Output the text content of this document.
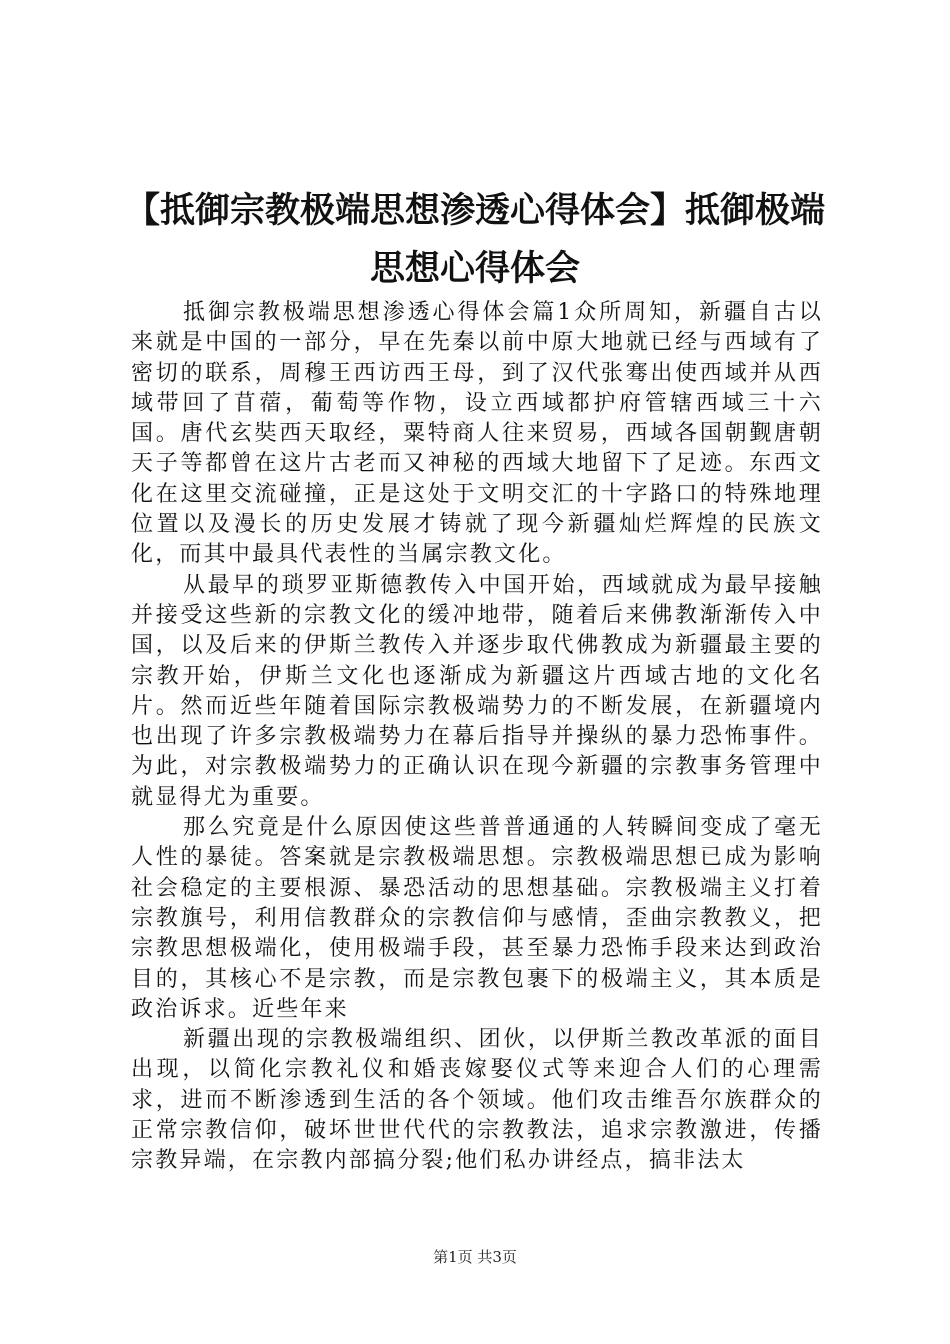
【抵御宗教极端思想渗透心得体会】抵御极端
思想心得体会

抵御宗教极端思想渗透心得体会篇1众所周知，新疆自古以来就是中国的一部分，早在先秦以前中原大地就已经与西域有了密切的联系，周穆王西访西王母，到了汉代张骞出使西域并从西域带回了苜蓿，葡萄等作物，设立西域都护府管辖西域三十六国。唐代玄奘西天取经，粟特商人往来贸易，西域各国朝觐唐朝天子等都曾在这片古老而又神秘的西域大地留下了足迹。东西文化在这里交流碰撞，正是这处于文明交汇的十字路口的特殊地理位置以及漫长的历史发展才铸就了现今新疆灿烂辉煌的民族文化，而其中最具代表性的当属宗教文化。

从最早的琐罗亚斯德教传入中国开始，西域就成为最早接触并接受这些新的宗教文化的缓冲地带，随着后来佛教渐渐传入中国，以及后来的伊斯兰教传入并逐步取代佛教成为新疆最主要的宗教开始，伊斯兰文化也逐渐成为新疆这片西域古地的文化名片。然而近些年随着国际宗教极端势力的不断发展，在新疆境内也出现了许多宗教极端势力在幕后指导并操纵的暴力恐怖事件。为此，对宗教极端势力的正确认识在现今新疆的宗教事务管理中就显得尤为重要。

那么究竟是什么原因使这些普普通通的人转瞬间变成了毫无人性的暴徒。答案就是宗教极端思想。宗教极端思想已成为影响社会稳定的主要根源、暴恐活动的思想基础。宗教极端主义打着宗教旗号，利用信教群众的宗教信仰与感情，歪曲宗教教义，把宗教思想极端化，使用极端手段，甚至暴力恐怖手段来达到政治目的，其核心不是宗教，而是宗教包裹下的极端主义，其本质是政治诉求。近些年来

新疆出现的宗教极端组织、团伙，以伊斯兰教改革派的面目出现，以简化宗教礼仪和婚丧嫁娶仪式等来迎合人们的心理需求，进而不断渗透到生活的各个领域。他们攻击维吾尔族群众的正常宗教信仰，破坏世世代代的宗教教法，追求宗教激进，传播宗教异端，在宗教内部搞分裂;他们私办讲经点，搞非法太

第1页 共3页
